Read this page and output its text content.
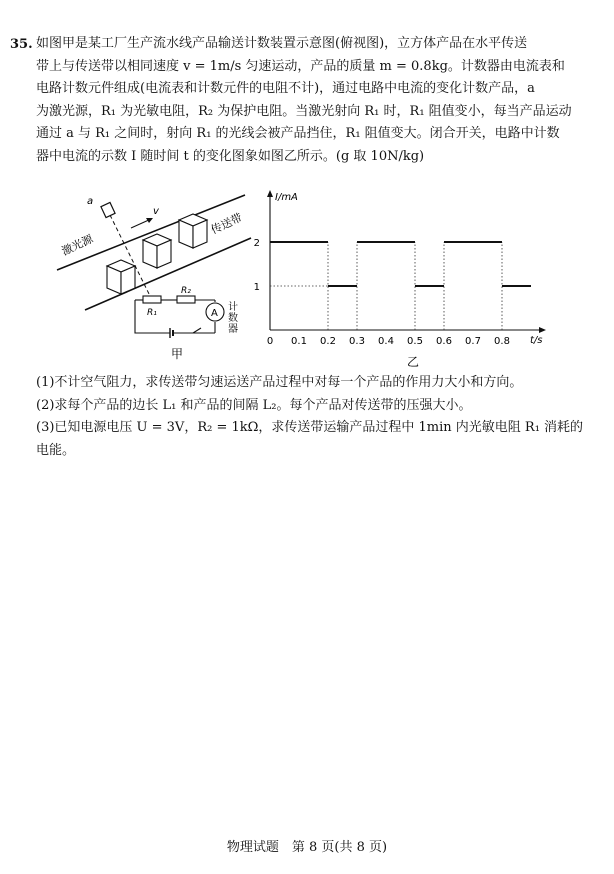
35. 如图甲是某工厂生产流水线产品输送计数装置示意图(俯视图)，立方体产品在水平传送

带上与传送带以相同速度 v = 1m/s 匀速运动，产品的质量 m = 0.8kg。计数器由电流表和

电路计数元件组成(电流表和计数元件的电阻不计)，通过电路中电流的变化计数产品，a

为激光源，R₁ 为光敏电阻，R₂ 为保护电阻。当激光射向 R₁ 时，R₁ 阻值变小，每当产品运动

通过 a 与 R₁ 之间时，射向 R₁ 的光线会被产品挡住，R₁ 阻值变大。闭合开关，电路中计数

器中电流的示数 I 随时间 t 的变化图象如图乙所示。(g 取 10N/kg)

a
激光源
传送带
v
R₁
R₂
A
计
数
器
甲
I/mA
t/s
乙
2
1
0 0.1 0.2 0.3 0.4 0.5 0.6 0.7 0.8

(1)不计空气阻力，求传送带匀速运送产品过程中对每一个产品的作用力大小和方向。

(2)求每个产品的边长 L₁ 和产品的间隔 L₂。每个产品对传送带的压强大小。

(3)已知电源电压 U = 3V，R₂ = 1kΩ，求传送带运输产品过程中 1min 内光敏电阻 R₁ 消耗的

电能。

物理试题　第 8 页(共 8 页)
